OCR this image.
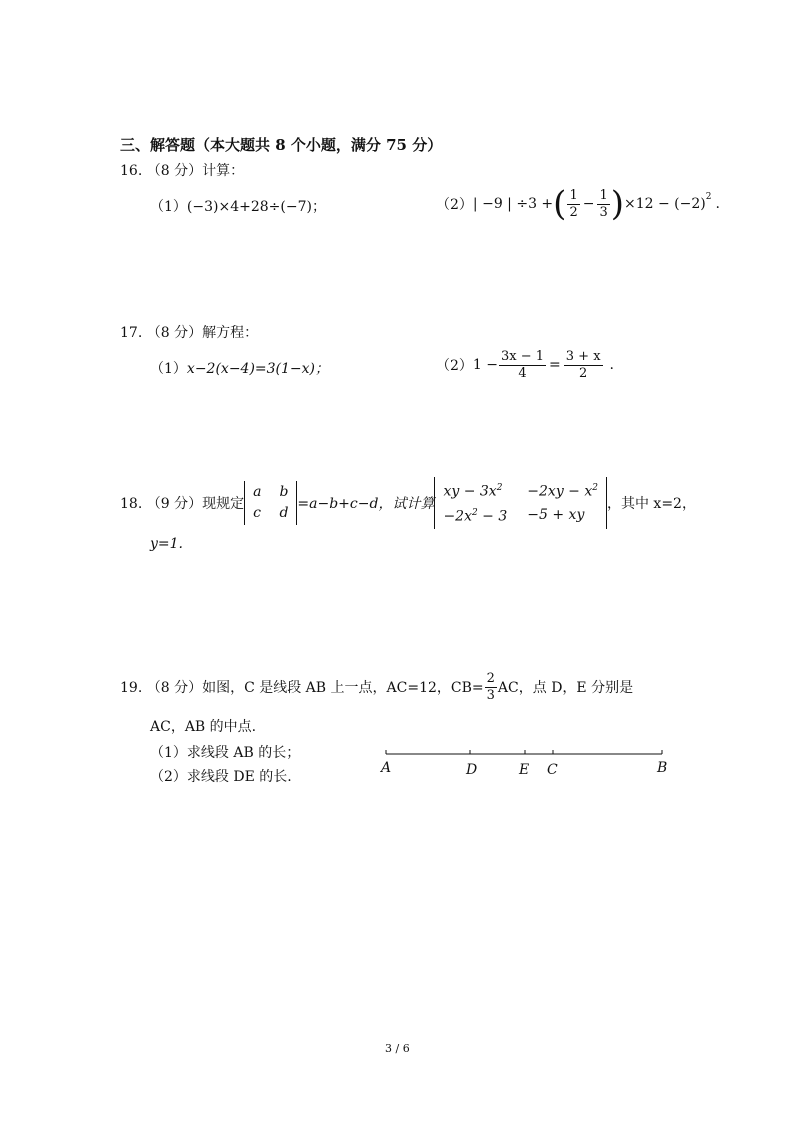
三、解答题（本大题共 8 个小题，满分 75 分）
16. （8 分）计算：
（1）(−3)×4+28÷(−7)；	（2） | −9 | ÷3 + ( $\frac{1}{2} - \frac{1}{3}$ ) $\times 12 - (-2)^2$ .
17. （8 分）解方程：
（1）x−2(x−4)=3(1−x)；	（2） $1 - \frac{3x - 1}{4} = \frac{3 + x}{2}$ .
18. （9 分）现规定
a	b
c	d
=a−b+c−d，试计算
xy − $3x^2$	$-2xy - x^2$
$-2x^2 - 3$	−5 + xy
，其中 x=2，
y=1.
19. （8 分）如图，C 是线段 AB 上一点，AC=12，$CB= \frac{2}{3}$ AC，点 D，E 分别是
AC，AB 的中点.
（1）求线段 AB 的长；
（2）求线段 DE 的长.
A	D	E C	B
3 / 6
